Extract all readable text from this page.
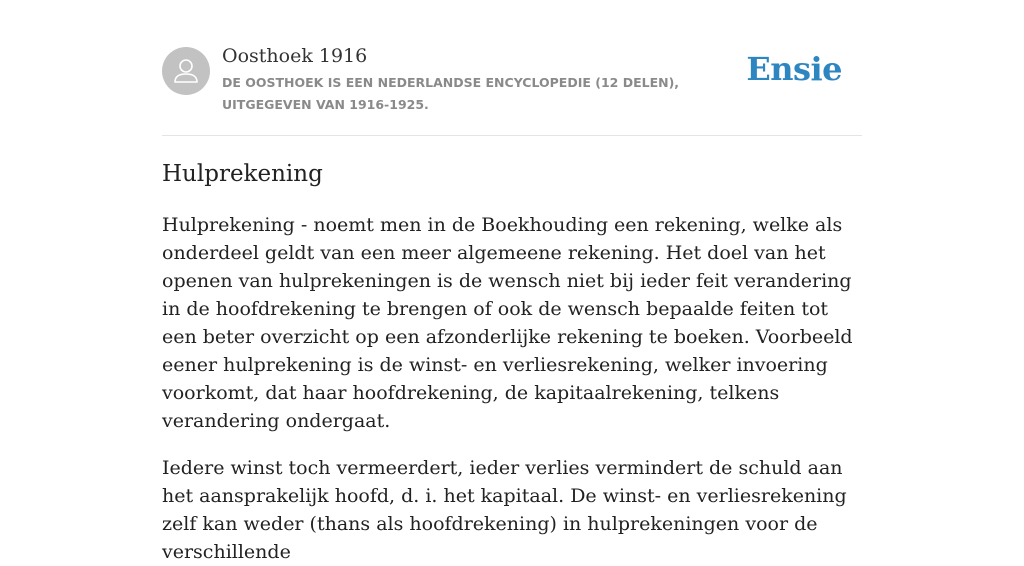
Oosthoek 1916
DE OOSTHOEK IS EEN NEDERLANDSE ENCYCLOPEDIE (12 DELEN), UITGEGEVEN VAN 1916-1925.
Ensie
Hulprekening

Hulprekening - noemt men in de Boekhouding een rekening, welke als onderdeel geldt van een meer algemeene rekening. Het doel van het openen van hulprekeningen is de wensch niet bij ieder feit verandering in de hoofdrekening te brengen of ook de wensch bepaalde feiten tot een beter overzicht op een afzonderlijke rekening te boeken. Voorbeeld eener hulprekening is de winst- en verliesrekening, welker invoering voorkomt, dat haar hoofdrekening, de kapitaalrekening, telkens verandering ondergaat.

Iedere winst toch vermeerdert, ieder verlies vermindert de schuld aan het aansprakelijk hoofd, d. i. het kapitaal. De winst- en verliesrekening zelf kan weder (thans als hoofdrekening) in hulprekeningen voor de verschillende
